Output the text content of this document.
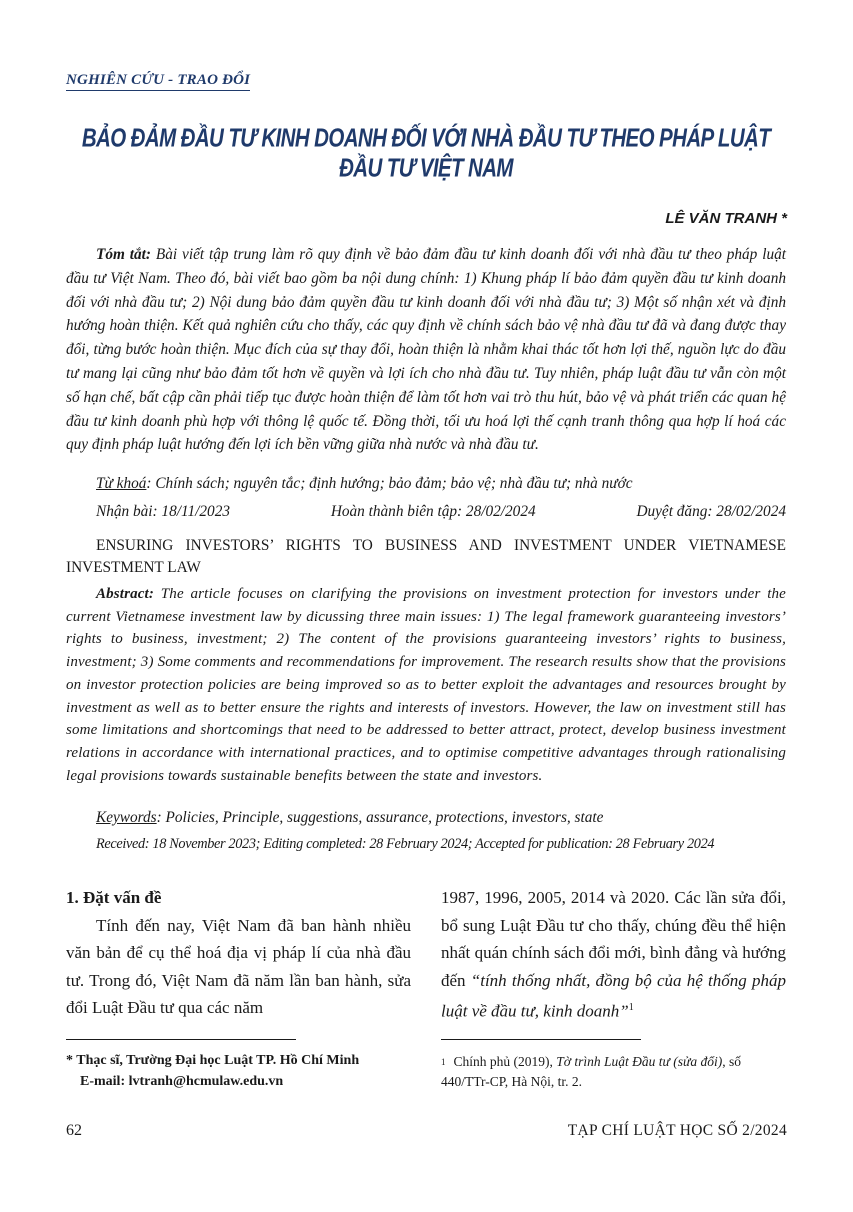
NGHIÊN CỨU - TRAO ĐỔI
BẢO ĐẢM ĐẦU TƯ KINH DOANH ĐỐI VỚI NHÀ ĐẦU TƯ THEO PHÁP LUẬT ĐẦU TƯ VIỆT NAM
LÊ VĂN TRANH *

Tóm tắt: Bài viết tập trung làm rõ quy định về bảo đảm đầu tư kinh doanh đối với nhà đầu tư theo pháp luật đầu tư Việt Nam. Theo đó, bài viết bao gồm ba nội dung chính: 1) Khung pháp lí bảo đảm quyền đầu tư kinh doanh đối với nhà đầu tư; 2) Nội dung bảo đảm quyền đầu tư kinh doanh đối với nhà đầu tư; 3) Một số nhận xét và định hướng hoàn thiện. Kết quả nghiên cứu cho thấy, các quy định về chính sách bảo vệ nhà đầu tư đã và đang được thay đổi, từng bước hoàn thiện. Mục đích của sự thay đổi, hoàn thiện là nhằm khai thác tốt hơn lợi thế, nguồn lực do đầu tư mang lại cũng như bảo đảm tốt hơn về quyền và lợi ích cho nhà đầu tư. Tuy nhiên, pháp luật đầu tư vẫn còn một số hạn chế, bất cập cần phải tiếp tục được hoàn thiện để làm tốt hơn vai trò thu hút, bảo vệ và phát triển các quan hệ đầu tư kinh doanh phù hợp với thông lệ quốc tế. Đồng thời, tối ưu hoá lợi thế cạnh tranh thông qua hợp lí hoá các quy định pháp luật hướng đến lợi ích bền vững giữa nhà nước và nhà đầu tư.

Từ khoá: Chính sách; nguyên tắc; định hướng; bảo đảm; bảo vệ; nhà đầu tư; nhà nước
Nhận bài: 18/11/2023	Hoàn thành biên tập: 28/02/2024	Duyệt đăng: 28/02/2024

ENSURING INVESTORS’ RIGHTS TO BUSINESS AND INVESTMENT UNDER VIETNAMESE INVESTMENT LAW

Abstract: The article focuses on clarifying the provisions on investment protection for investors under the current Vietnamese investment law by dicussing three main issues: 1) The legal framework guaranteeing investors’ rights to business, investment; 2) The content of the provisions guaranteeing investors’ rights to business, investment; 3) Some comments and recommendations for improvement. The research results show that the provisions on investor protection policies are being improved so as to better exploit the advantages and resources brought by investment as well as to better ensure the rights and interests of investors. However, the law on investment still has some limitations and shortcomings that need to be addressed to better attract, protect, develop business investment relations in accordance with international practices, and to optimise competitive advantages through rationalising legal provisions towards sustainable benefits between the state and investors.

Keywords: Policies, Principle, suggestions, assurance, protections, investors, state
Received: 18 November 2023; Editing completed: 28 February 2024; Accepted for publication: 28 February 2024
1. Đặt vấn đề

Tính đến nay, Việt Nam đã ban hành nhiều văn bản để cụ thể hoá địa vị pháp lí của nhà đầu tư. Trong đó, Việt Nam đã năm lần ban hành, sửa đổi Luật Đầu tư qua các năm

1987, 1996, 2005, 2014 và 2020. Các lần sửa đổi, bổ sung Luật Đầu tư cho thấy, chúng đều thể hiện nhất quán chính sách đổi mới, bình đẳng và hướng đến “tính thống nhất, đồng bộ của hệ thống pháp luật về đầu tư, kinh doanh”$^1$

* Thạc sĩ, Trường Đại học Luật TP. Hồ Chí Minh
E-mail: lvtranh@hcmulaw.edu.vn
$^1$ Chính phủ (2019), Tờ trình Luật Đầu tư (sửa đổi), số 440/TTr-CP, Hà Nội, tr. 2.
62	TẠP CHÍ LUẬT HỌC SỐ 2/2024
